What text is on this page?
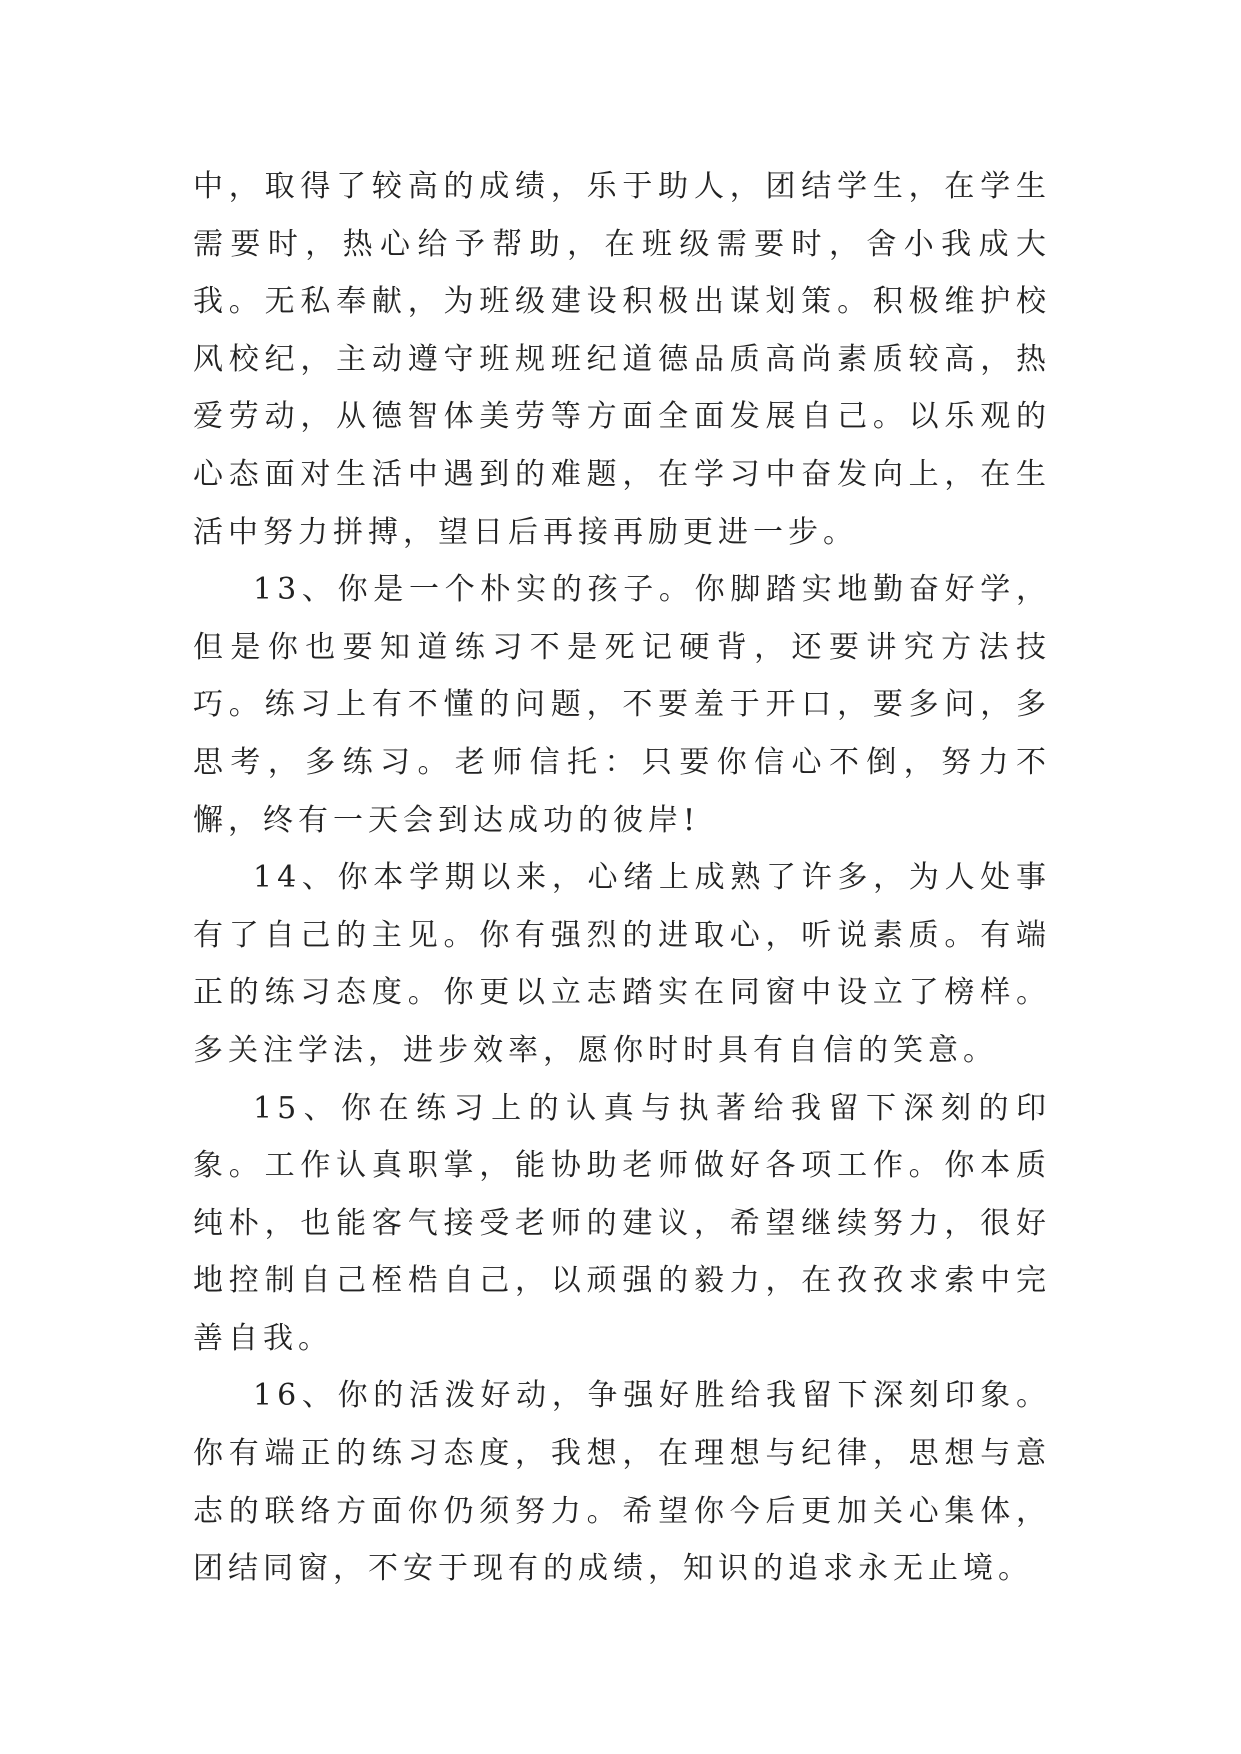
中，取得了较高的成绩，乐于助人，团结学生，在学生需要时，热心给予帮助，在班级需要时，舍小我成大我。无私奉献，为班级建设积极出谋划策。积极维护校风校纪，主动遵守班规班纪道德品质高尚素质较高，热爱劳动，从德智体美劳等方面全面发展自己。以乐观的心态面对生活中遇到的难题，在学习中奋发向上，在生活中努力拼搏，望日后再接再励更进一步。

13、你是一个朴实的孩子。你脚踏实地勤奋好学，但是你也要知道练习不是死记硬背，还要讲究方法技巧。练习上有不懂的问题，不要羞于开口，要多问，多思考，多练习。老师信托：只要你信心不倒，努力不懈，终有一天会到达成功的彼岸!

14、你本学期以来，心绪上成熟了许多，为人处事有了自己的主见。你有强烈的进取心，听说素质。有端正的练习态度。你更以立志踏实在同窗中设立了榜样。多关注学法，进步效率，愿你时时具有自信的笑意。

15、你在练习上的认真与执著给我留下深刻的印象。工作认真职掌，能协助老师做好各项工作。你本质纯朴，也能客气接受老师的建议，希望继续努力，很好地控制自己桎梏自己，以顽强的毅力，在孜孜求索中完善自我。

16、你的活泼好动，争强好胜给我留下深刻印象。你有端正的练习态度，我想，在理想与纪律，思想与意志的联络方面你仍须努力。希望你今后更加关心集体，团结同窗，不安于现有的成绩，知识的追求永无止境。
